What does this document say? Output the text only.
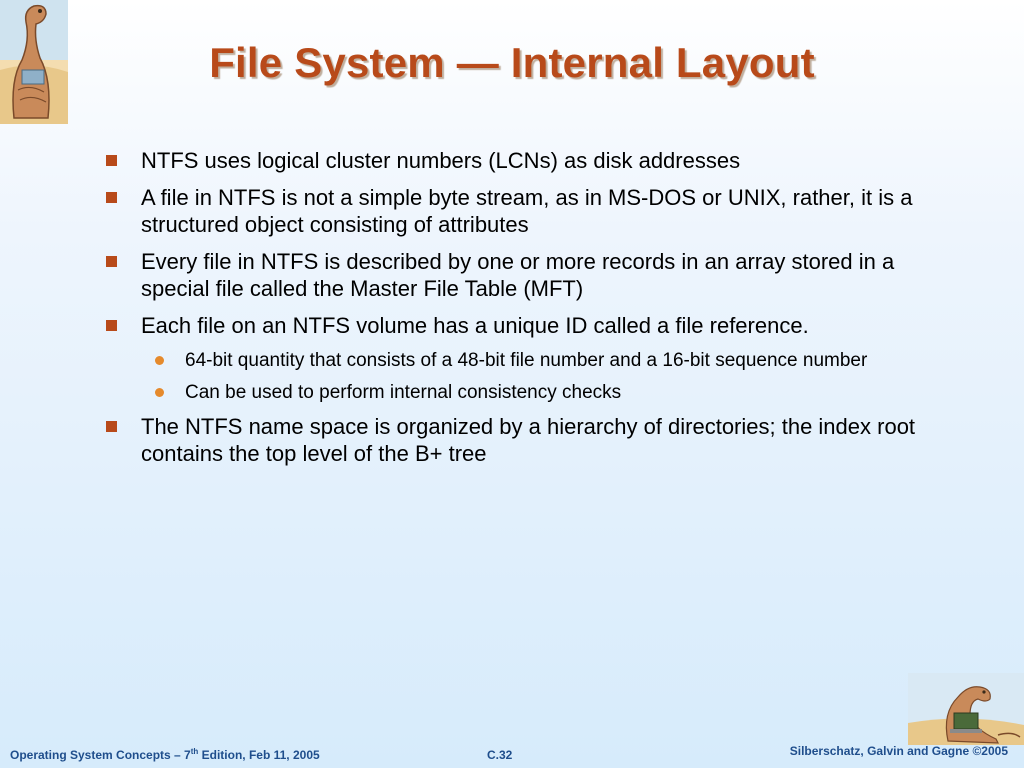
File System — Internal Layout
NTFS uses logical cluster numbers (LCNs) as disk addresses
A file in NTFS is not a simple byte stream, as in MS-DOS or UNIX, rather, it is a structured object consisting of attributes
Every file in NTFS is described by one or more records in an array stored in a special file called the Master File Table (MFT)
Each file on an NTFS volume has a unique ID called a file reference.
64-bit quantity that consists of a 48-bit file number and a 16-bit sequence number
Can be used to perform internal consistency checks
The NTFS name space is organized by a hierarchy of directories; the index root contains the top level of the B+ tree
Operating System Concepts – 7th Edition, Feb 11, 2005	C.32	Silberschatz, Galvin and Gagne ©2005
